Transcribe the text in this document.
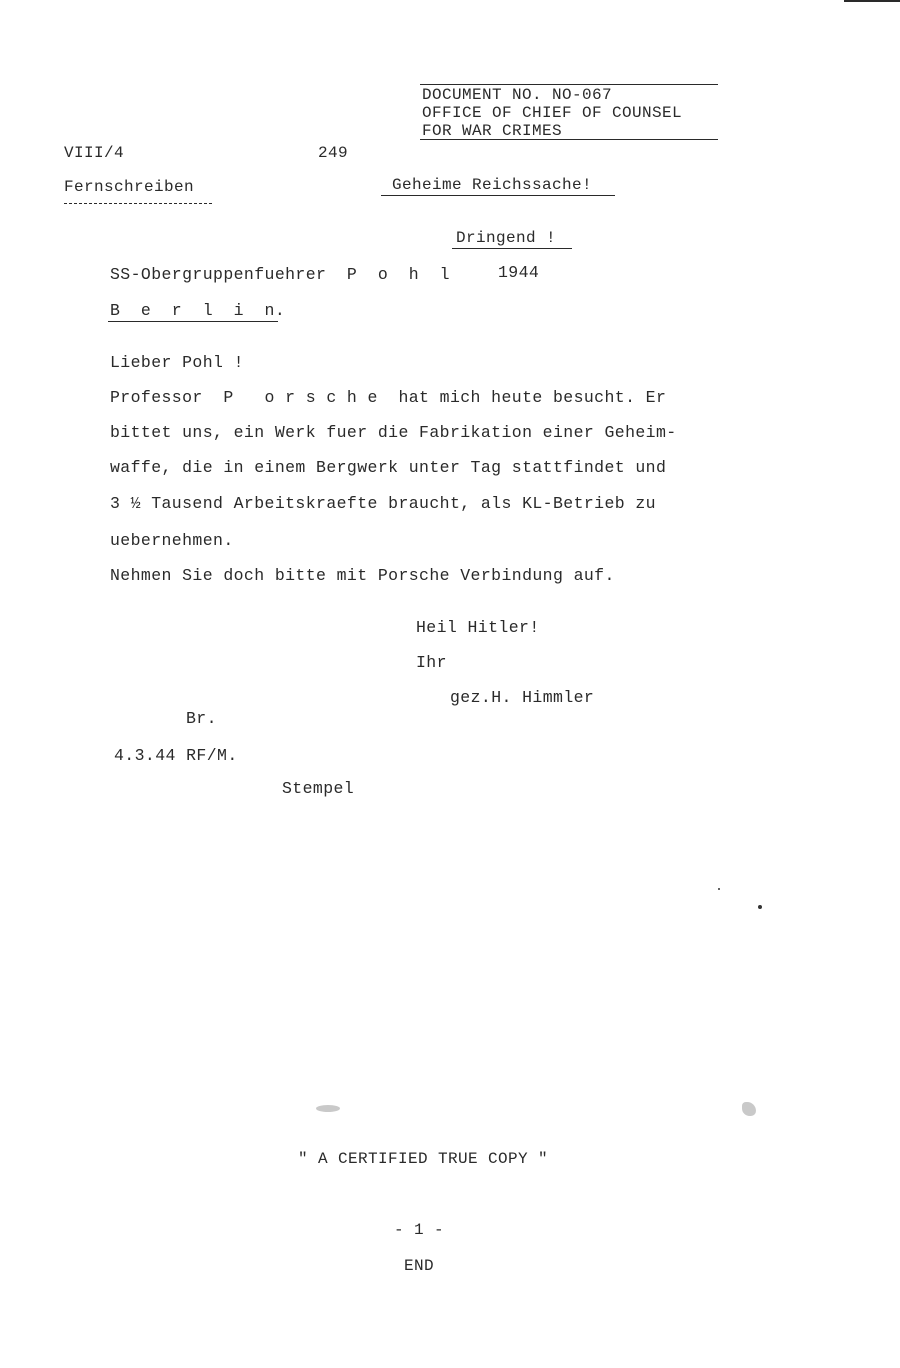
DOCUMENT NO. NO-067
OFFICE OF CHIEF OF COUNSEL
FOR WAR CRIMES
VIII/4	249
Fernschreiben	Geheime Reichssache!
Dringend !
SS-Obergruppenfuehrer  P  o  h  l	1944
B  e  r  l  i  n.
Lieber Pohl !
Professor  P   o r s c h e  hat mich heute besucht. Er
bittet uns, ein Werk fuer die Fabrikation einer Geheim-
waffe, die in einem Bergwerk unter Tag stattfindet und
3 ½ Tausend Arbeitskraefte braucht, als KL-Betrieb zu
uebernehmen.
Nehmen Sie doch bitte mit Porsche Verbindung auf.
Heil Hitler!
Ihr
gez.H. Himmler
Br.
4.3.44 RF/M.
Stempel
" A CERTIFIED TRUE COPY "
- 1 -
END
